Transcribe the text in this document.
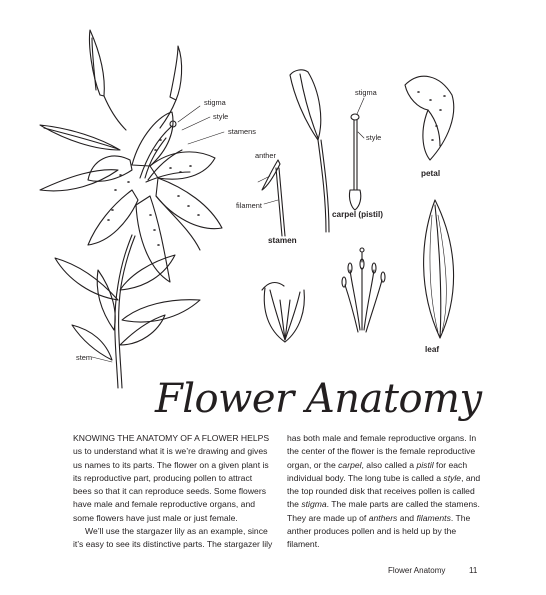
stigma
style
stamens
anther
filament
stamen
stigma
style
carpel (pistil)
petal
leaf
stem
Flower Anatomy

KNOWING THE ANATOMY OF A FLOWER HELPS us to understand what it is we’re drawing and gives us names to its parts. The flower on a given plant is its reproductive part, producing pollen to attract bees so that it can reproduce seeds. Some flowers have male and female reproductive organs, and some flowers have just male or just female.

We’ll use the stargazer lily as an example, since it’s easy to see its distinctive parts. The stargazer lily

has both male and female reproductive organs. In the center of the flower is the female reproductive organ, or the carpel, also called a pistil for each individual body. The long tube is called a style, and the top rounded disk that receives pollen is called the stigma. The male parts are called the stamens. They are made up of anthers and filaments. The anther produces pollen and is held up by the filament.

Flower Anatomy	11
